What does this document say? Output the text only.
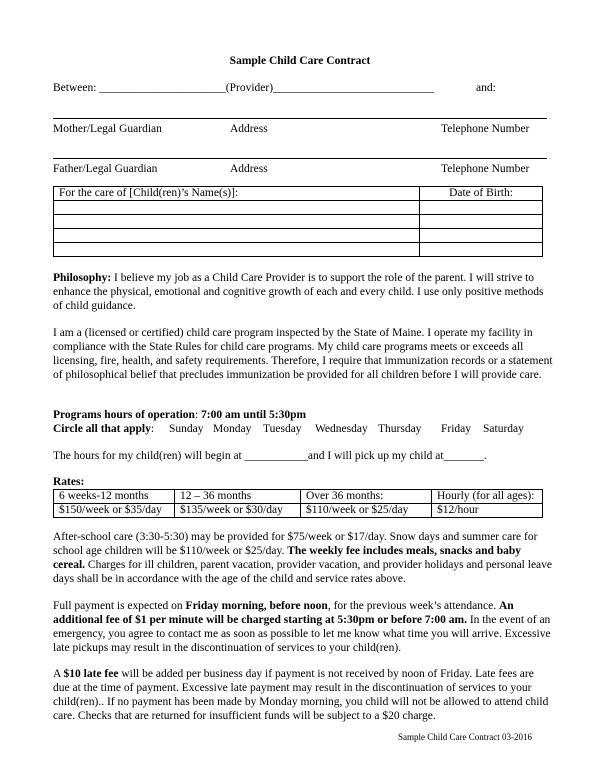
Sample Child Care Contract
Between: ______________________(Provider)____________________________	and:
Mother/Legal Guardian	Address	Telephone Number
Father/Legal Guardian	Address	Telephone Number
For the care of [Child(ren)’s Name(s)]:	Date of Birth:

Philosophy: I believe my job as a Child Care Provider is to support the role of the parent. I will strive to enhance the physical, emotional and cognitive growth of each and every child. I use only positive methods of child guidance.
I am a (licensed or certified) child care program inspected by the State of Maine. I operate my facility in compliance with the State Rules for child care programs. My child care programs meets or exceeds all licensing, fire, health, and safety requirements. Therefore, I require that immunization records or a statement of philosophical belief that precludes immunization be provided for all children before I will provide care.
Programs hours of operation: 7:00 am until 5:30pm
Circle all that apply: Sunday Monday Tuesday Wednesday Thursday Friday Saturday
The hours for my child(ren) will begin at ___________and I will pick up my child at_______.
Rates:
6 weeks-12 months	12 – 36 months	Over 36 months:	Hourly (for all ages):
$150/week or $35/day	$135/week or $30/day	$110/week or $25/day	$12/hour
After-school care (3:30-5:30) may be provided for $75/week or $17/day. Snow days and summer care for school age children will be $110/week or $25/day. The weekly fee includes meals, snacks and baby cereal. Charges for ill children, parent vacation, provider vacation, and provider holidays and personal leave days shall be in accordance with the age of the child and service rates above.
Full payment is expected on Friday morning, before noon, for the previous week’s attendance. An additional fee of $1 per minute will be charged starting at 5:30pm or before 7:00 am. In the event of an emergency, you agree to contact me as soon as possible to let me know what time you will arrive. Excessive late pickups may result in the discontinuation of services to your child(ren).
A $10 late fee will be added per business day if payment is not received by noon of Friday. Late fees are due at the time of payment. Excessive late payment may result in the discontinuation of services to your child(ren).. If no payment has been made by Monday morning, you child will not be allowed to attend child care. Checks that are returned for insufficient funds will be subject to a $20 charge.
Sample Child Care Contract 03-2016
